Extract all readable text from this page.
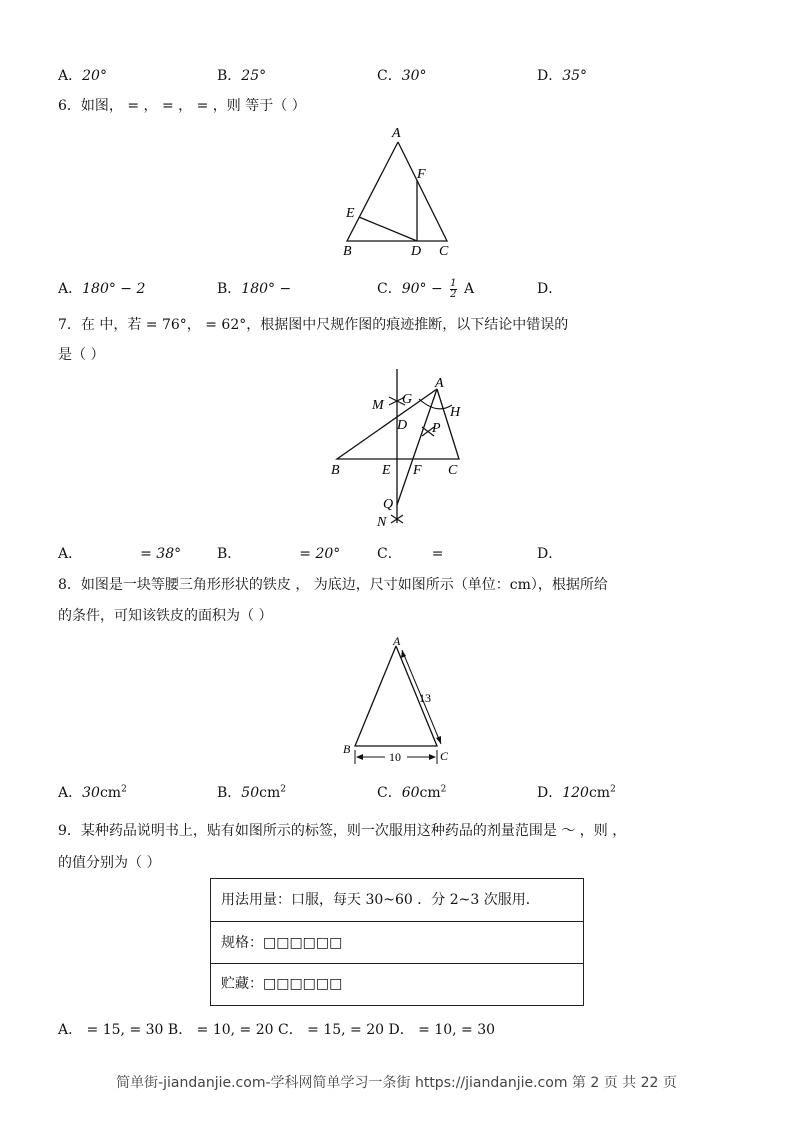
A．20°	B．25°	C．30°	D．35°
6．如图， = ， = ， = ，则 等于（ ）
A
F
E
B	D C
A．180° − 2	B．180° −	C．$90^\circ - \frac{1}{2}$ A	D．
7．在 中，若 = 76°， = 62°，根据图中尺规作图的痕迹推断，以下结论中错误的
是（ ）
M G
A
H
D P
B	E F C
Q
N
A．	= 38°	B．	= 20°	C． =	D．
8．如图是一块等腰三角形形状的铁皮 ， 为底边，尺寸如图所示（单位：cm），根据所给
的条件，可知该铁皮的面积为（ ）
A
B	C
13
10
A．$30cm^2$	B．$50cm^2$	C．$60cm^2$	D．$120cm^2$
9．某种药品说明书上，贴有如图所示的标签，则一次服用这种药品的剂量范围是 ～ ，则 ，
的值分别为（ ）
用法用量：口服，每天 30~60 ．分 2~3 次服用．
规格：□□□□□□
贮藏：□□□□□□
A． = 15, = 30 B． = 10, = 20 C． = 15, = 20 D． = 10, = 30
简单街-jiandanjie.com-学科网简单学习一条街 https://jiandanjie.com 第 2 页 共 22 页
